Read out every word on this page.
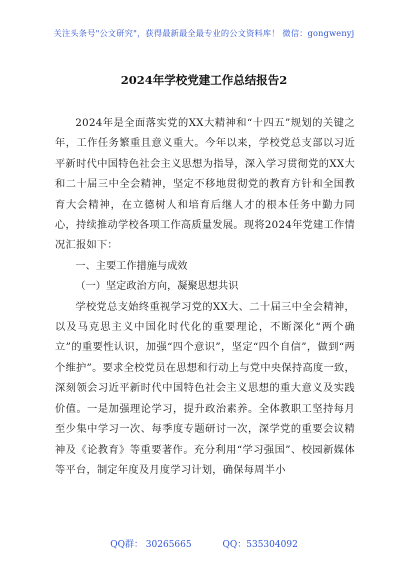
关注头条号"公文研究"，获得最新最全最专业的公文资料库！ 微信：gongwenyj
2024年学校党建工作总结报告2

2024年是全面落实党的XX大精神和“十四五”规划的关键之年，工作任务繁重且意义重大。今年以来，学校党总支部以习近平新时代中国特色社会主义思想为指导，深入学习贯彻党的XX大和二十届三中全会精神，坚定不移地贯彻党的教育方针和全国教育大会精神，在立德树人和培育后继人才的根本任务中勤力同心，持续推动学校各项工作高质量发展。现将2024年党建工作情况汇报如下：

一、主要工作措施与成效

（一）坚定政治方向，凝聚思想共识

学校党总支始终重视学习党的XX大、二十届三中全会精神，以及马克思主义中国化时代化的重要理论，不断深化“两个确立”的重要性认识，加强“四个意识”，坚定“四个自信”，做到“两个维护”。要求全校党员在思想和行动上与党中央保持高度一致，深刻领会习近平新时代中国特色社会主义思想的重大意义及实践价值。一是加强理论学习，提升政治素养。全体教职工坚持每月至少集中学习一次、每季度专题研讨一次，深学党的重要会议精神及《论教育》等重要著作。充分利用“学习强国”、校园新媒体等平台，制定年度及月度学习计划，确保每周半小

QQ群： 30265665	QQ：535304092
